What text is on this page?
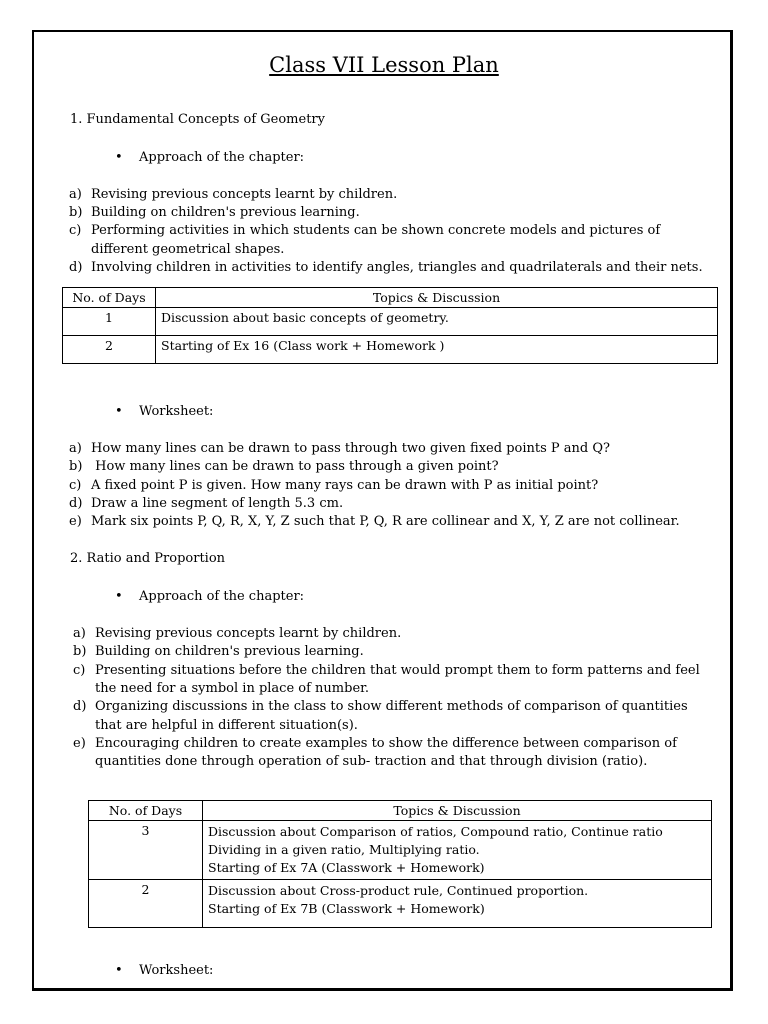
Class VII Lesson Plan
1. Fundamental Concepts of Geometry
• Approach of the chapter:
a) Revising previous concepts learnt by children.
b) Building on children's previous learning.
c) Performing activities in which students can be shown concrete models and pictures of
different geometrical shapes.
d) Involving children in activities to identify angles, triangles and quadrilaterals and their nets.
No. of Days	Topics & Discussion
1	Discussion about basic concepts of geometry.
2	Starting of Ex 16 (Class work + Homework )
• Worksheet:
a) How many lines can be drawn to pass through two given fixed points P and Q?
b) How many lines can be drawn to pass through a given point?
c) A fixed point P is given. How many rays can be drawn with P as initial point?
d) Draw a line segment of length 5.3 cm.
e) Mark six points P, Q, R, X, Y, Z such that P, Q, R are collinear and X, Y, Z are not collinear.
2. Ratio and Proportion
• Approach of the chapter:
a) Revising previous concepts learnt by children.
b) Building on children's previous learning.
c) Presenting situations before the children that would prompt them to form patterns and feel
the need for a symbol in place of number.
d) Organizing discussions in the class to show different methods of comparison of quantities
that are helpful in different situation(s).
e) Encouraging children to create examples to show the difference between comparison of
quantities done through operation of sub- traction and that through division (ratio).
No. of Days	Topics & Discussion
3	Discussion about Comparison of ratios, Compound ratio, Continue ratio
Dividing in a given ratio, Multiplying ratio.
Starting of Ex 7A (Classwork + Homework)

2	Discussion about Cross-product rule, Continued proportion.
Starting of Ex 7B (Classwork + Homework)
• Worksheet:
